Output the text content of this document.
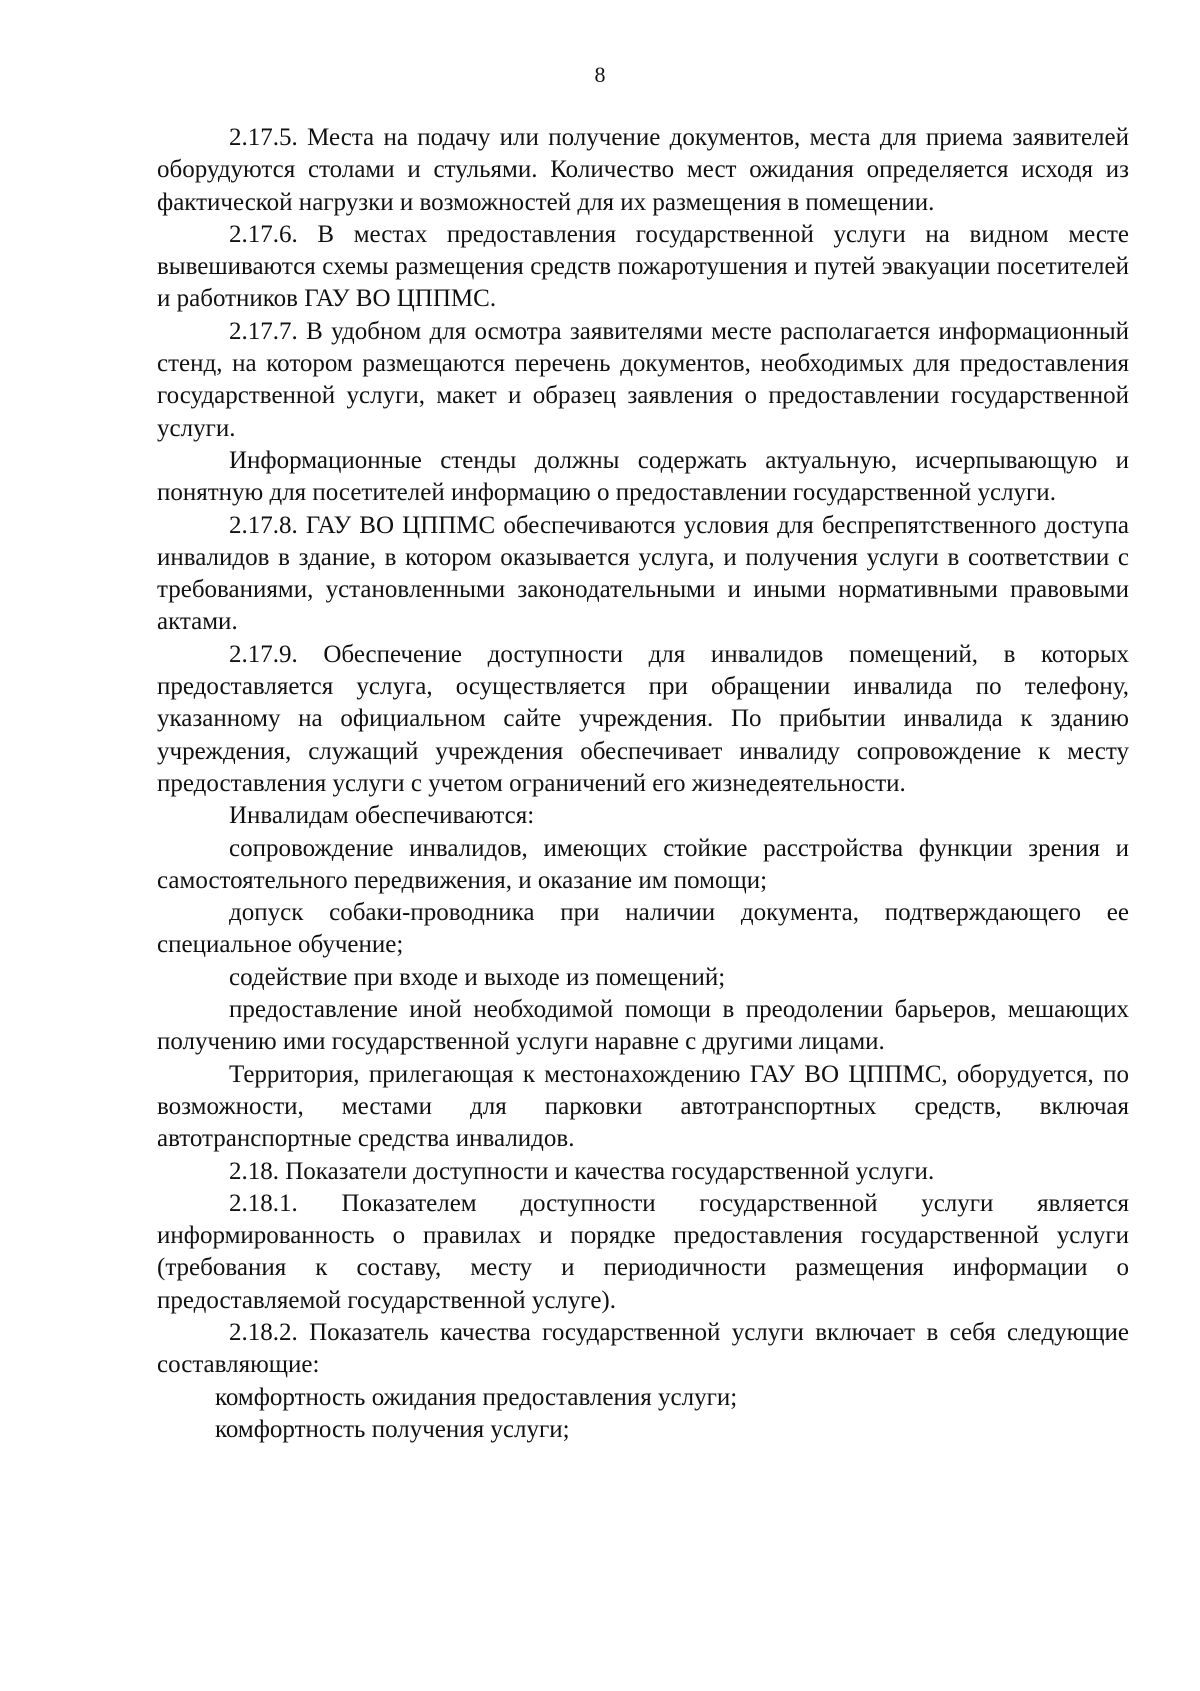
8

2.17.5. Места на подачу или получение документов, места для приема заявителей оборудуются столами и стульями. Количество мест ожидания определяется исходя из фактической нагрузки и возможностей для их размещения в помещении.

2.17.6. В местах предоставления государственной услуги на видном месте вывешиваются схемы размещения средств пожаротушения и путей эвакуации посетителей и работников ГАУ ВО ЦППМС.

2.17.7. В удобном для осмотра заявителями месте располагается информационный стенд, на котором размещаются перечень документов, необходимых для предоставления государственной услуги, макет и образец заявления о предоставлении государственной услуги.

Информационные стенды должны содержать актуальную, исчерпывающую и понятную для посетителей информацию о предоставлении государственной услуги.

2.17.8. ГАУ ВО ЦППМС обеспечиваются условия для беспрепятственного доступа инвалидов в здание, в котором оказывается услуга, и получения услуги в соответствии с требованиями, установленными законодательными и иными нормативными правовыми актами.

2.17.9. Обеспечение доступности для инвалидов помещений, в которых предоставляется услуга, осуществляется при обращении инвалида по телефону, указанному на официальном сайте учреждения. По прибытии инвалида к зданию учреждения, служащий учреждения обеспечивает инвалиду сопровождение к месту предоставления услуги с учетом ограничений его жизнедеятельности.

Инвалидам обеспечиваются:

сопровождение инвалидов, имеющих стойкие расстройства функции зрения и самостоятельного передвижения, и оказание им помощи;

допуск собаки-проводника при наличии документа, подтверждающего ее специальное обучение;

содействие при входе и выходе из помещений;

предоставление иной необходимой помощи в преодолении барьеров, мешающих получению ими государственной услуги наравне с другими лицами.

Территория, прилегающая к местонахождению ГАУ ВО ЦППМС, оборудуется, по возможности, местами для парковки автотранспортных средств, включая автотранспортные средства инвалидов.

2.18. Показатели доступности и качества государственной услуги.

2.18.1. Показателем доступности государственной услуги является информированность о правилах и порядке предоставления государственной услуги (требования к составу, месту и периодичности размещения информации о предоставляемой государственной услуге).

2.18.2. Показатель качества государственной услуги включает в себя следующие составляющие:

комфортность ожидания предоставления услуги;

комфортность получения услуги;
